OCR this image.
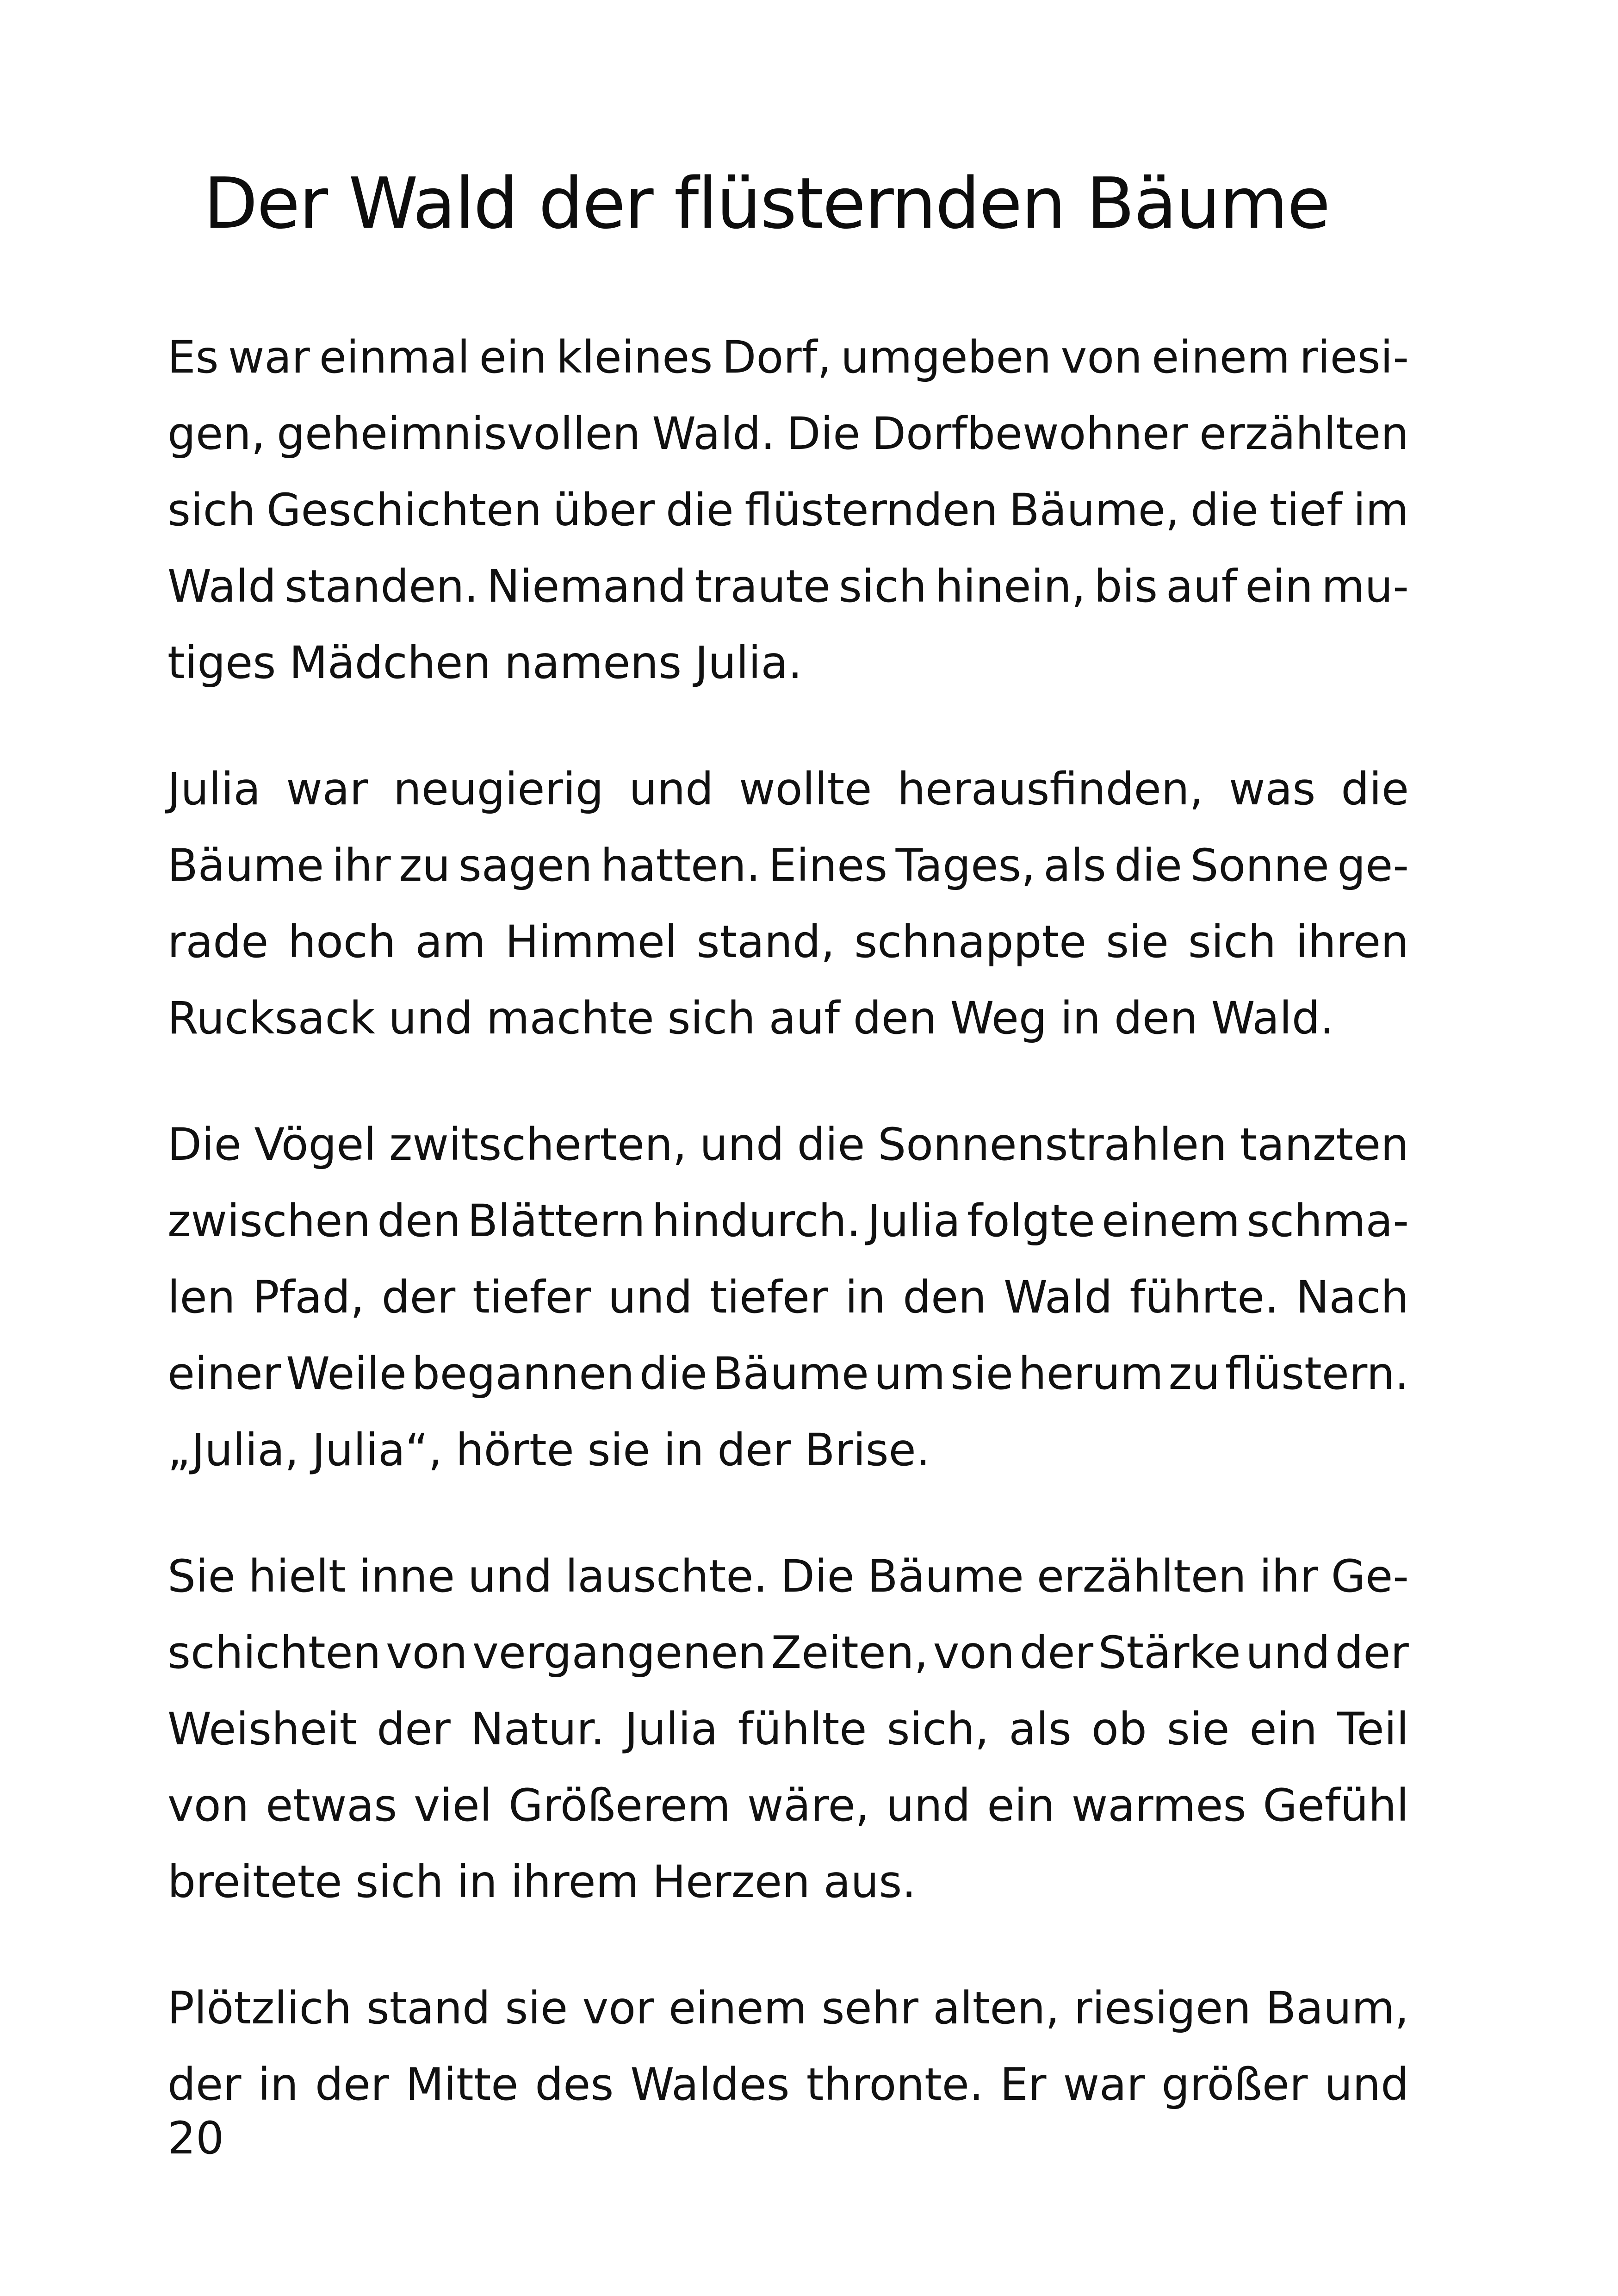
Der Wald der flüsternden Bäume
Es war einmal ein kleines Dorf, umgeben von einem riesi-
gen, geheimnisvollen Wald. Die Dorfbewohner erzählten
sich Geschichten über die flüsternden Bäume, die tief im
Wald standen. Niemand traute sich hinein, bis auf ein mu-
tiges Mädchen namens Julia.
Julia war neugierig und wollte herausfinden, was die
Bäume ihr zu sagen hatten. Eines Tages, als die Sonne ge-
rade hoch am Himmel stand, schnappte sie sich ihren
Rucksack und machte sich auf den Weg in den Wald.
Die Vögel zwitscherten, und die Sonnenstrahlen tanzten
zwischen den Blättern hindurch. Julia folgte einem schma-
len Pfad, der tiefer und tiefer in den Wald führte. Nach
einer Weile begannen die Bäume um sie herum zu flüstern.
„Julia, Julia“, hörte sie in der Brise.
Sie hielt inne und lauschte. Die Bäume erzählten ihr Ge-
schichten von vergangenen Zeiten, von der Stärke und der
Weisheit der Natur. Julia fühlte sich, als ob sie ein Teil
von etwas viel Größerem wäre, und ein warmes Gefühl
breitete sich in ihrem Herzen aus.
Plötzlich stand sie vor einem sehr alten, riesigen Baum,
der in der Mitte des Waldes thronte. Er war größer und

20
